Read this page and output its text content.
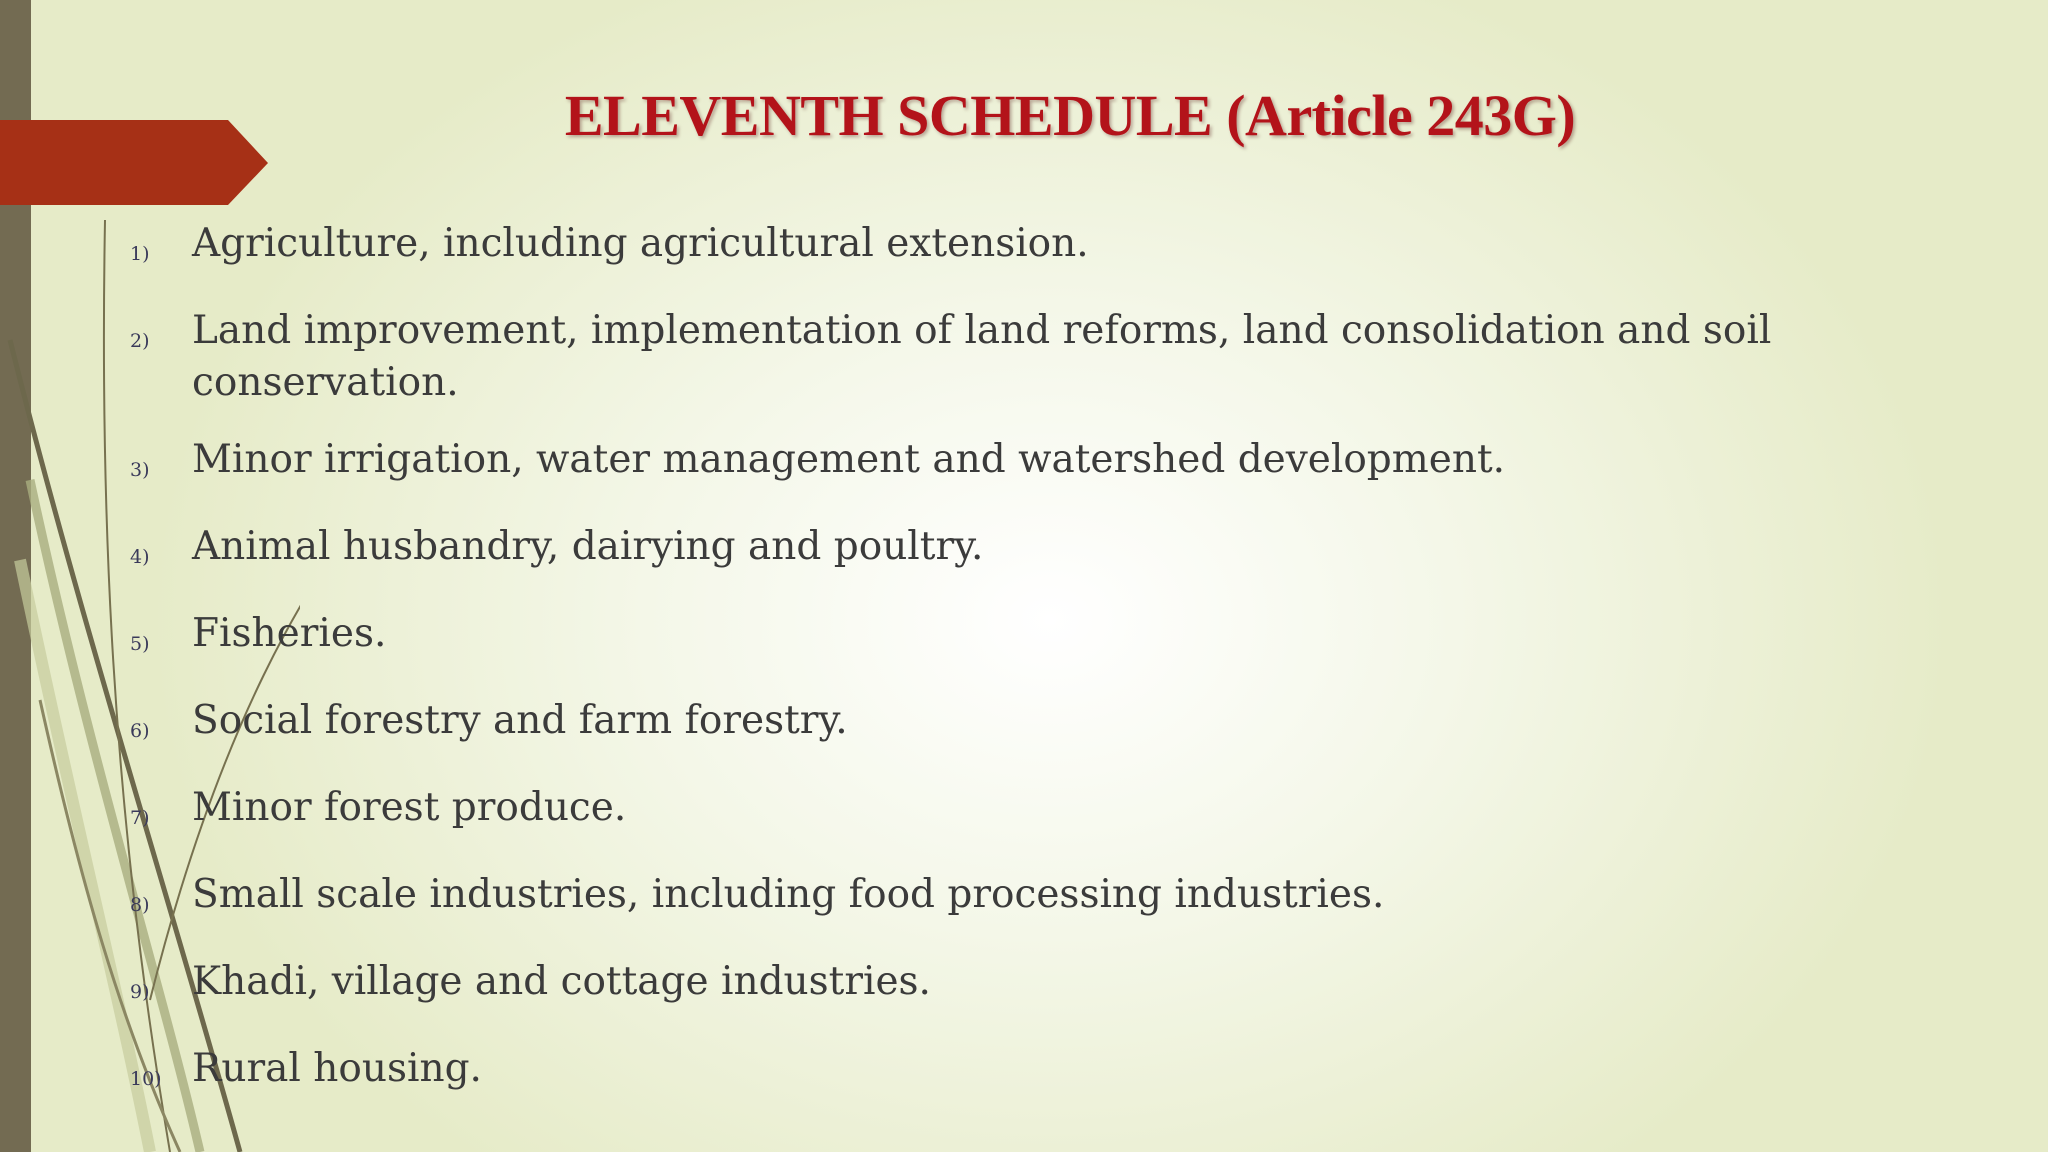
ELEVENTH SCHEDULE (Article 243G)
1)	Agriculture, including agricultural extension.
2)	Land improvement, implementation of land reforms, land consolidation and soil conservation.
3)	Minor irrigation, water management and watershed development.
4)	Animal husbandry, dairying and poultry.
5)	Fisheries.
6)	Social forestry and farm forestry.
7)	Minor forest produce.
8)	Small scale industries, including food processing industries.
9)	Khadi, village and cottage industries.
10) Rural housing.
